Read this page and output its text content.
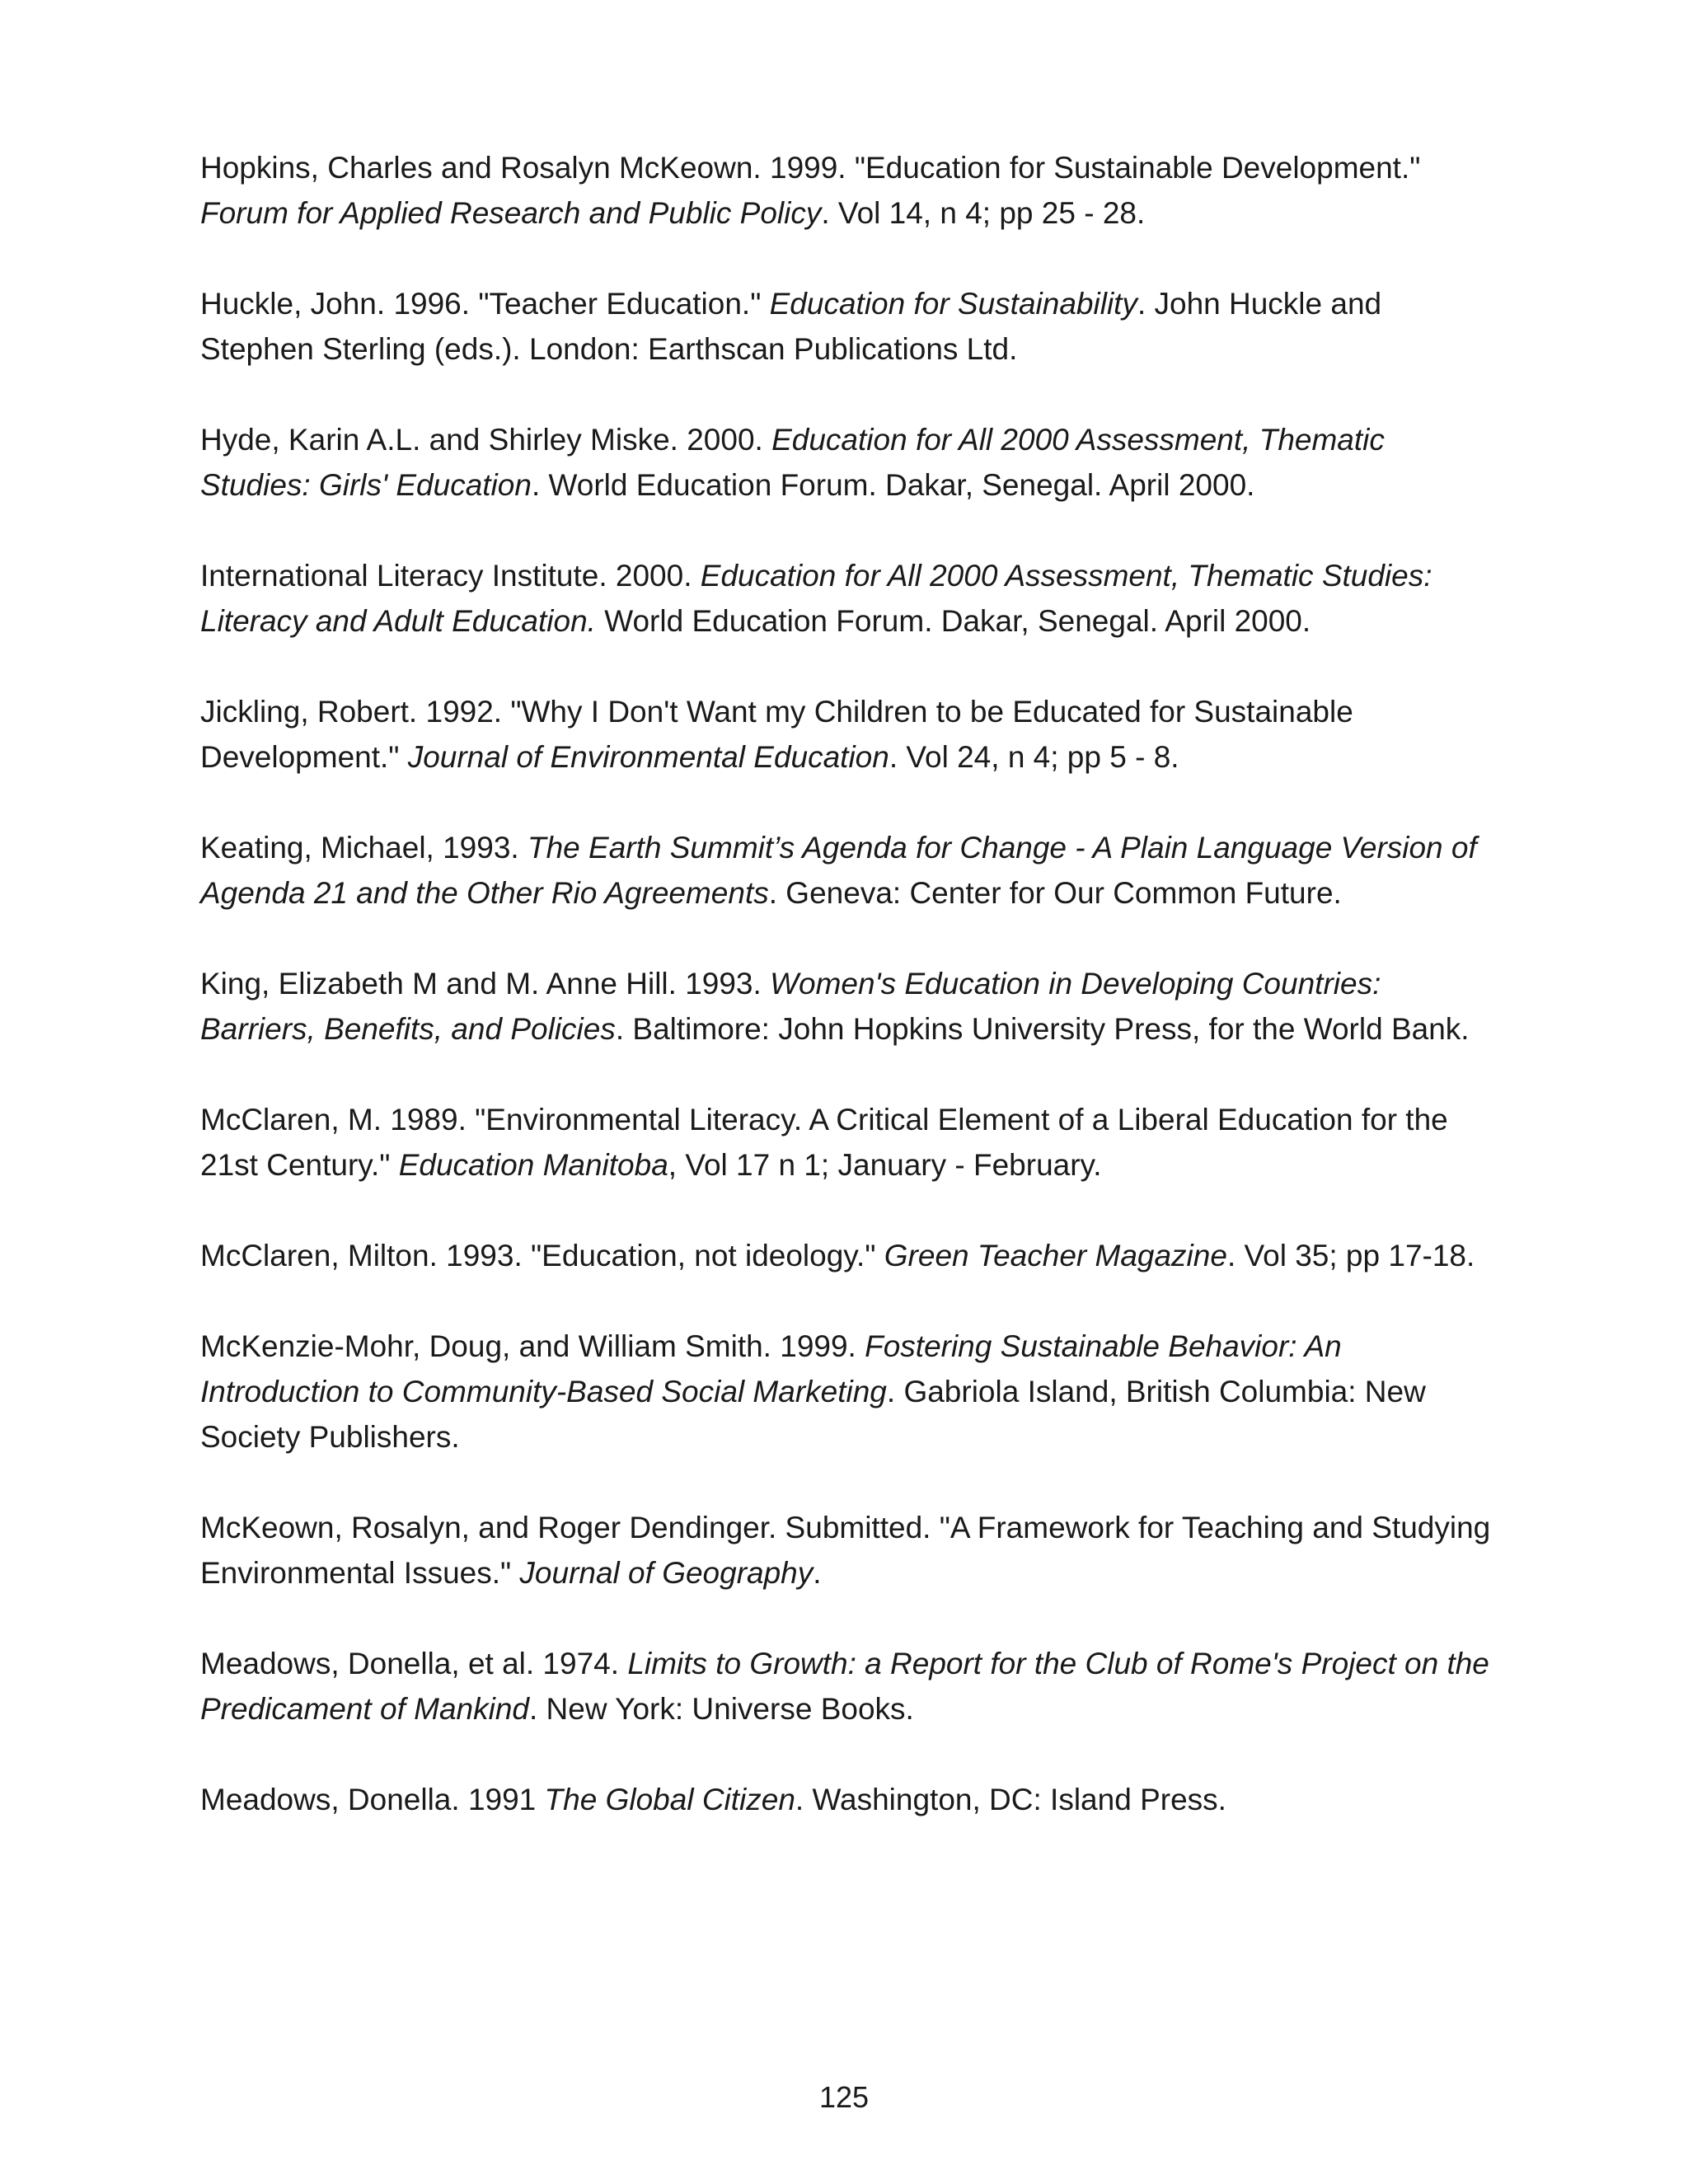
Hopkins, Charles and Rosalyn McKeown. 1999. "Education for Sustainable Development." Forum for Applied Research and Public Policy. Vol 14, n 4; pp 25 - 28.

Huckle, John. 1996. "Teacher Education." Education for Sustainability. John Huckle and Stephen Sterling (eds.). London: Earthscan Publications Ltd.

Hyde, Karin A.L. and Shirley Miske. 2000. Education for All 2000 Assessment, Thematic Studies: Girls' Education. World Education Forum. Dakar, Senegal. April 2000.

International Literacy Institute. 2000. Education for All 2000 Assessment, Thematic Studies: Literacy and Adult Education. World Education Forum. Dakar, Senegal. April 2000.

Jickling, Robert. 1992. "Why I Don't Want my Children to be Educated for Sustainable Development." Journal of Environmental Education. Vol 24, n 4; pp 5 - 8.

Keating, Michael, 1993. The Earth Summit’s Agenda for Change - A Plain Language Version of Agenda 21 and the Other Rio Agreements. Geneva: Center for Our Common Future.

King, Elizabeth M and M. Anne Hill. 1993. Women's Education in Developing Countries: Barriers, Benefits, and Policies. Baltimore: John Hopkins University Press, for the World Bank.

McClaren, M. 1989. "Environmental Literacy. A Critical Element of a Liberal Education for the 21st Century." Education Manitoba, Vol 17 n 1; January - February.

McClaren, Milton. 1993. "Education, not ideology." Green Teacher Magazine. Vol 35; pp 17-18.

McKenzie-Mohr, Doug, and William Smith. 1999. Fostering Sustainable Behavior: An Introduction to Community-Based Social Marketing. Gabriola Island, British Columbia: New Society Publishers.

McKeown, Rosalyn, and Roger Dendinger. Submitted. "A Framework for Teaching and Studying Environmental Issues." Journal of Geography.

Meadows, Donella, et al. 1974. Limits to Growth: a Report for the Club of Rome's Project on the Predicament of Mankind. New York: Universe Books.

Meadows, Donella. 1991 The Global Citizen. Washington, DC: Island Press.

125
